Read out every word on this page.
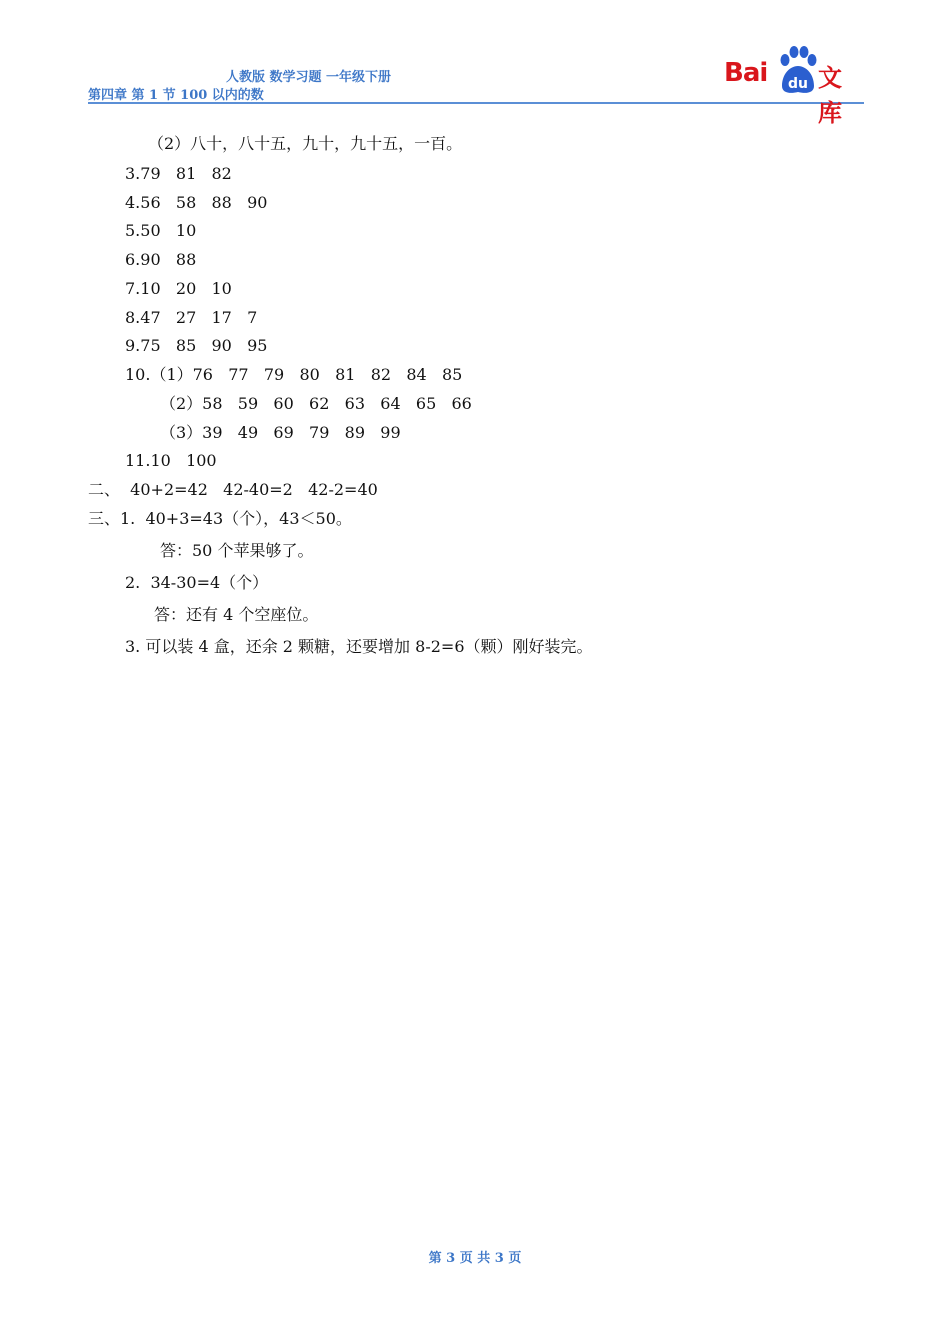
人教版 数学习题 一年级下册
第四章 第 1 节 100 以内的数
Bai du 文库
（2）八十，八十五，九十，九十五，一百。
3.79   81   82
4.56   58   88   90
5.50   10
6.90   88
7.10   20   10
8.47   27   17   7
9.75   85   90   95
10.（1）76   77   79   80   81   82   84   85
（2）58   59   60   62   63   64   65   66
（3）39   49   69   79   89   99
11.10   100
二、  40+2=42   42-40=2   42-2=40
三、1.  40+3=43（个），43＜50。
答：50 个苹果够了。
2.  34-30=4（个）
答：还有 4 个空座位。
3. 可以装 4 盒，还余 2 颗糖，还要增加 8-2=6（颗）刚好装完。
第 3 页 共 3 页
